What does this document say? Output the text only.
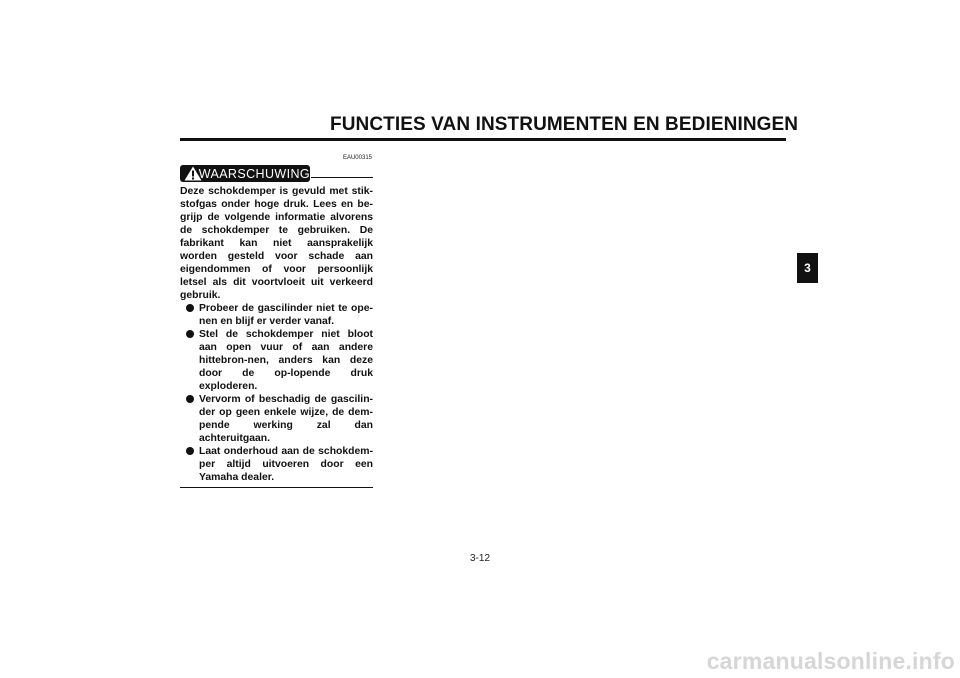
FUNCTIES VAN INSTRUMENTEN EN BEDIENINGEN
EAU00315
WAARSCHUWING
Deze schokdemper is gevuld met stik-stofgas onder hoge druk. Lees en be-grijp de volgende informatie alvorens de schokdemper te gebruiken. De fabrikant kan niet aansprakelijk worden gesteld voor schade aan eigendommen of voor persoonlijk letsel als dit voortvloeit uit verkeerd gebruik.
Probeer de gascilinder niet te ope-nen en blijf er verder vanaf.
Stel de schokdemper niet bloot aan open vuur of aan andere hittebron-nen, anders kan deze door de op-lopende druk exploderen.
Vervorm of beschadig de gascilin-der op geen enkele wijze, de dem-pende werking zal dan achteruitgaan.
Laat onderhoud aan de schokdem-per altijd uitvoeren door een Yamaha dealer.
3
3-12
carmanualsonline.info
